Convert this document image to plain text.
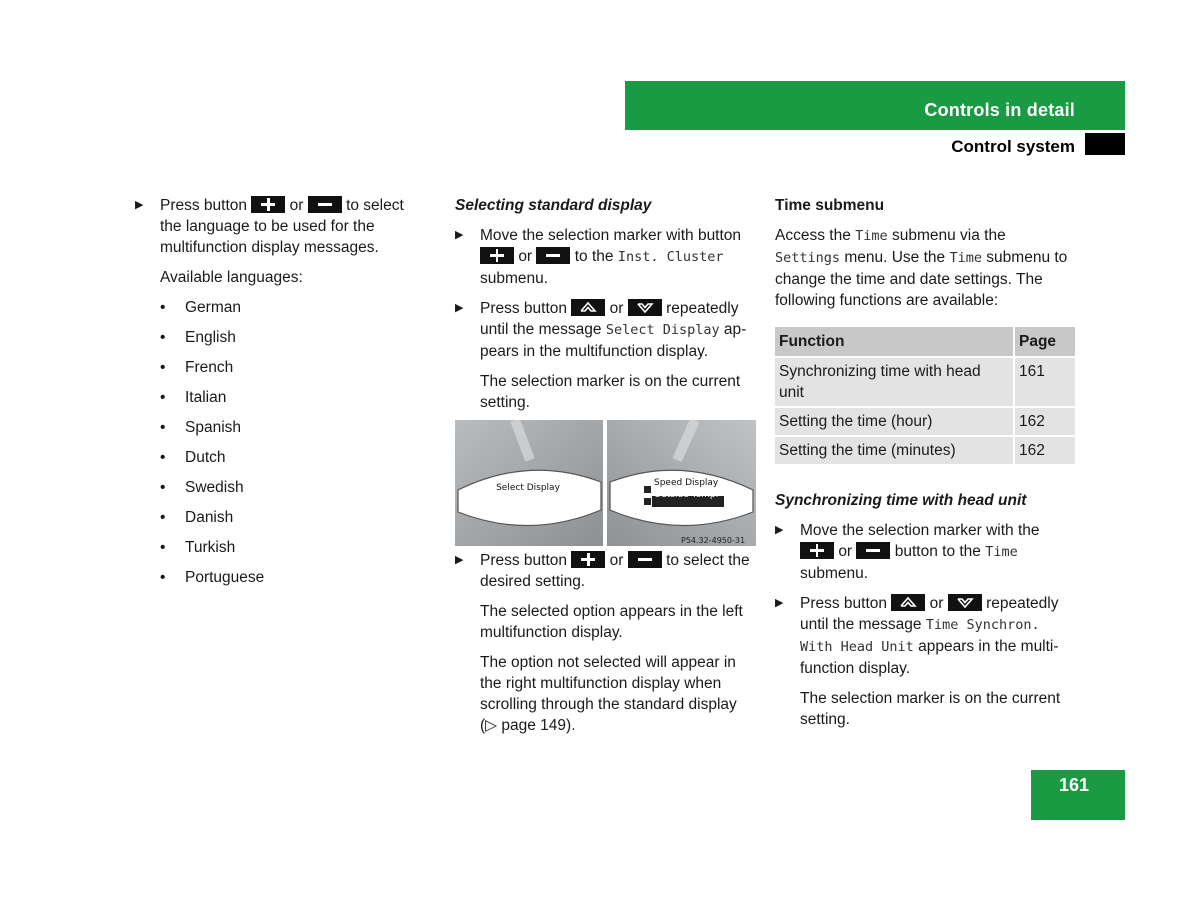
Controls in detail
Control system
▶ Press button	or	to select the language to be used for the multifunction display messages.
Available languages:
• German
• English
• French
• Italian
• Spanish
• Dutch
• Swedish
• Danish
• Turkish
• Portuguese
Selecting standard display
▶ Move the selection marker with button  or	to the Inst. Cluster submenu.
▶ Press button	or	repeatedly until the message Select Display ap-pears in the multifunction display.
The selection marker is on the current setting.
Select Display	Speed Display
Outside Temp.
P54.32-4950-31
▶ Press button	or	to select the desired setting.
The selected option appears in the left multifunction display.
The option not selected will appear in the right multifunction display when scrolling through the standard display (▷ page 149).
Time submenu
Access the Time submenu via the Settings menu. Use the Time submenu to change the time and date settings. The following functions are available:
Function	Page
Synchronizing time with head unit	161
Setting the time (hour)	162
Setting the time (minutes)	162
Synchronizing time with head unit
▶ Move the selection marker with the  or	button to the Time submenu.
▶ Press button	or	repeatedly until the message Time Synchron. With Head Unit appears in the multi-function display.
The selection marker is on the current setting.
161
